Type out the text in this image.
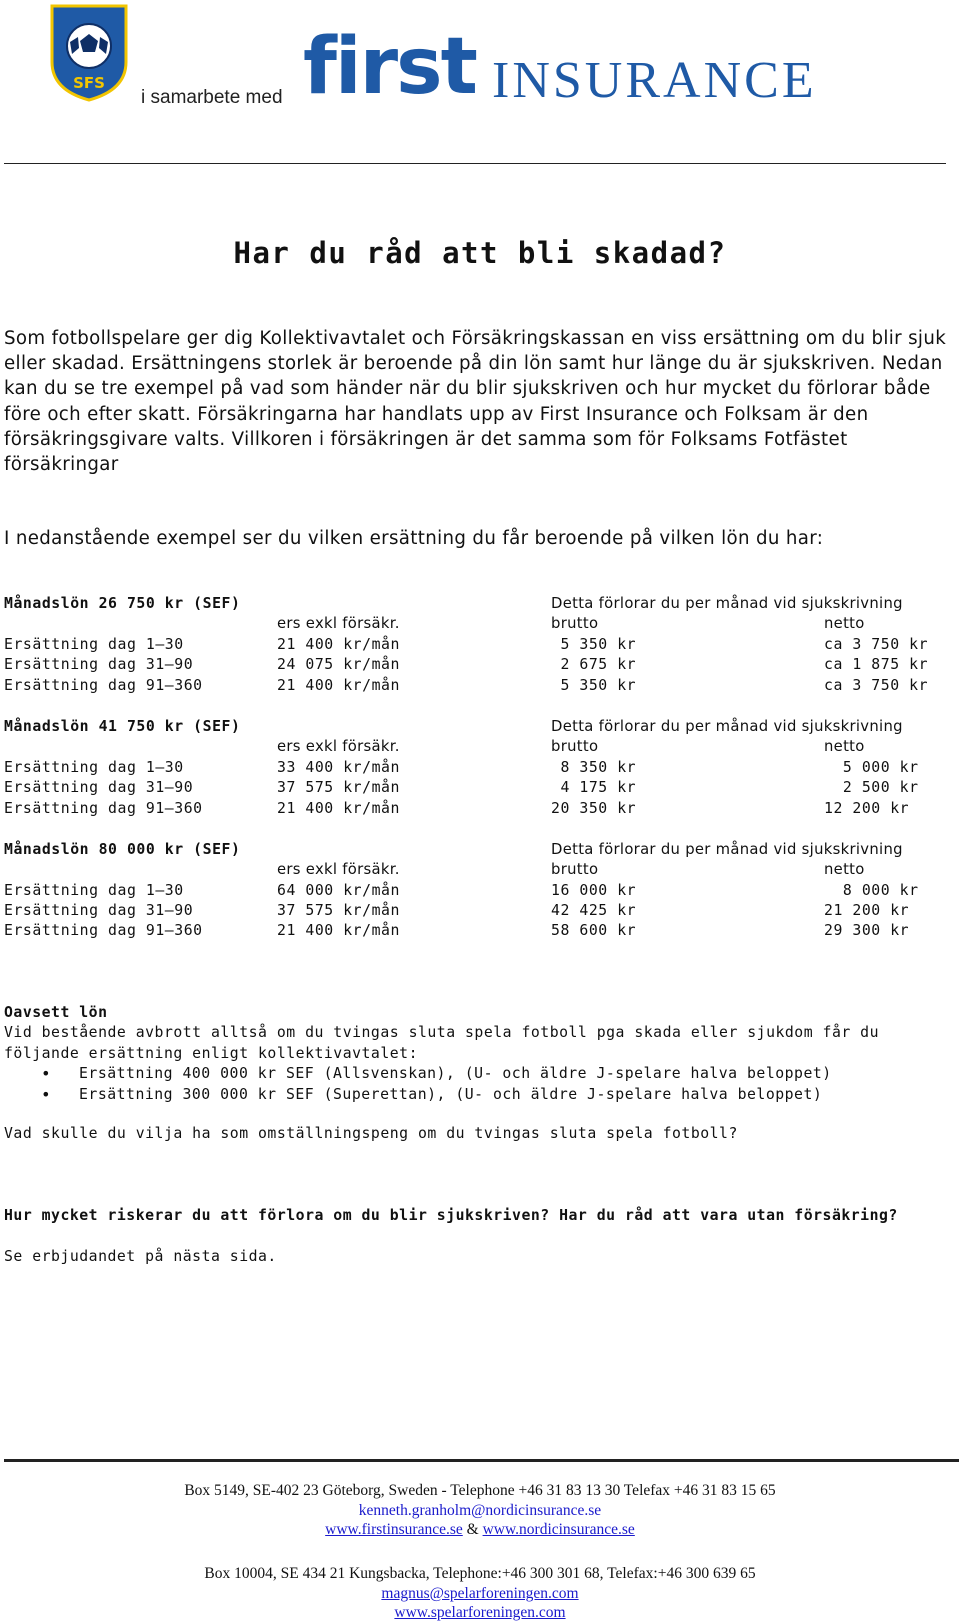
SFS
i samarbete med first INSURANCE
Har du råd att bli skadad?
Som fotbollspelare ger dig Kollektivavtalet och Försäkringskassan en viss ersättning om du blir sjuk eller skadad. Ersättningens storlek är beroende på din lön samt hur länge du är sjukskriven. Nedan kan du se tre exempel på vad som händer när du blir sjukskriven och hur mycket du förlorar både före och efter skatt. Försäkringarna har handlats upp av First Insurance och Folksam är den försäkringsgivare valts. Villkoren i försäkringen är det samma som för Folksams Fotfästet försäkringar
I nedanstående exempel ser du vilken ersättning du får beroende på vilken lön du har:
Månadslön 26 750 kr (SEF)	Detta förlorar du per månad vid sjukskrivning
ers exkl försäkr.	brutto	netto
Ersättning dag 1–30	21 400 kr/mån	5 350 kr	ca 3 750 kr
Ersättning dag 31–90	24 075 kr/mån	2 675 kr	ca 1 875 kr
Ersättning dag 91–360	21 400 kr/mån	5 350 kr	ca 3 750 kr
Månadslön 41 750 kr (SEF)	Detta förlorar du per månad vid sjukskrivning
ers exkl försäkr.	brutto	netto
Ersättning dag 1–30	33 400 kr/mån	8 350 kr	5 000 kr
Ersättning dag 31–90	37 575 kr/mån	4 175 kr	2 500 kr
Ersättning dag 91–360	21 400 kr/mån	20 350 kr	12 200 kr
Månadslön 80 000 kr (SEF)	Detta förlorar du per månad vid sjukskrivning
ers exkl försäkr.	brutto	netto
Ersättning dag 1–30	64 000 kr/mån	16 000 kr	8 000 kr
Ersättning dag 31–90	37 575 kr/mån	42 425 kr	21 200 kr
Ersättning dag 91–360	21 400 kr/mån	58 600 kr	29 300 kr
Oavsett lön
Vid bestående avbrott alltså om du tvingas sluta spela fotboll pga skada eller sjukdom får du följande ersättning enligt kollektivavtalet:
• Ersättning 400 000 kr SEF (Allsvenskan), (U- och äldre J-spelare halva beloppet)
• Ersättning 300 000 kr SEF (Superettan), (U- och äldre J-spelare halva beloppet)
Vad skulle du vilja ha som omställningspeng om du tvingas sluta spela fotboll?
Hur mycket riskerar du att förlora om du blir sjukskriven? Har du råd att vara utan försäkring?
Se erbjudandet på nästa sida.
Box 5149, SE-402 23 Göteborg, Sweden - Telephone +46 31 83 13 30 Telefax +46 31 83 15 65
kenneth.granholm@nordicinsurance.se
www.firstinsurance.se & www.nordicinsurance.se
Box 10004, SE 434 21 Kungsbacka, Telephone:+46 300 301 68, Telefax:+46 300 639 65
magnus@spelarforeningen.com
www.spelarforeningen.com
